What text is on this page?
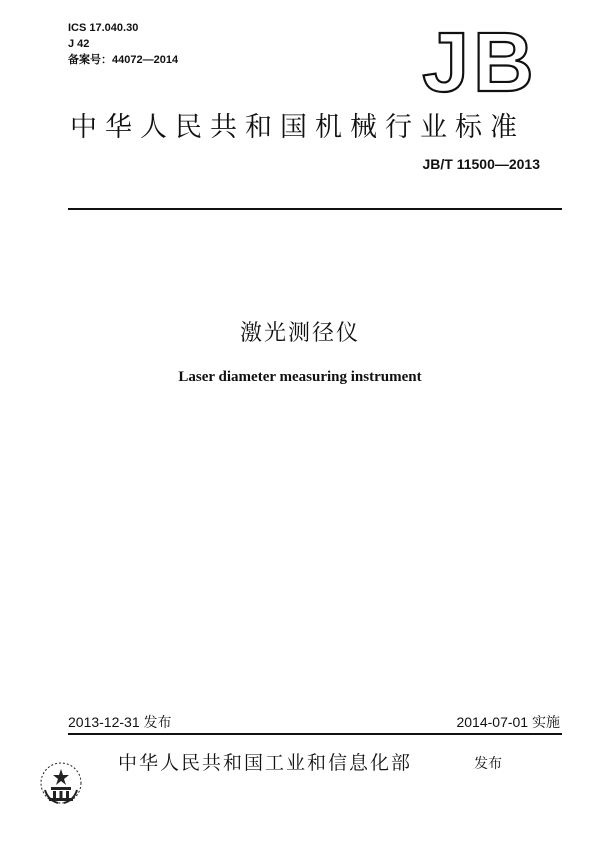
ICS 17.040.30
J 42
备案号：44072—2014	JB
中华人民共和国机械行业标准
JB/T 11500—2013
激光测径仪
Laser diameter measuring instrument
2013-12-31 发布	2014-07-01 实施
中华人民共和国工业和信息化部	发布
